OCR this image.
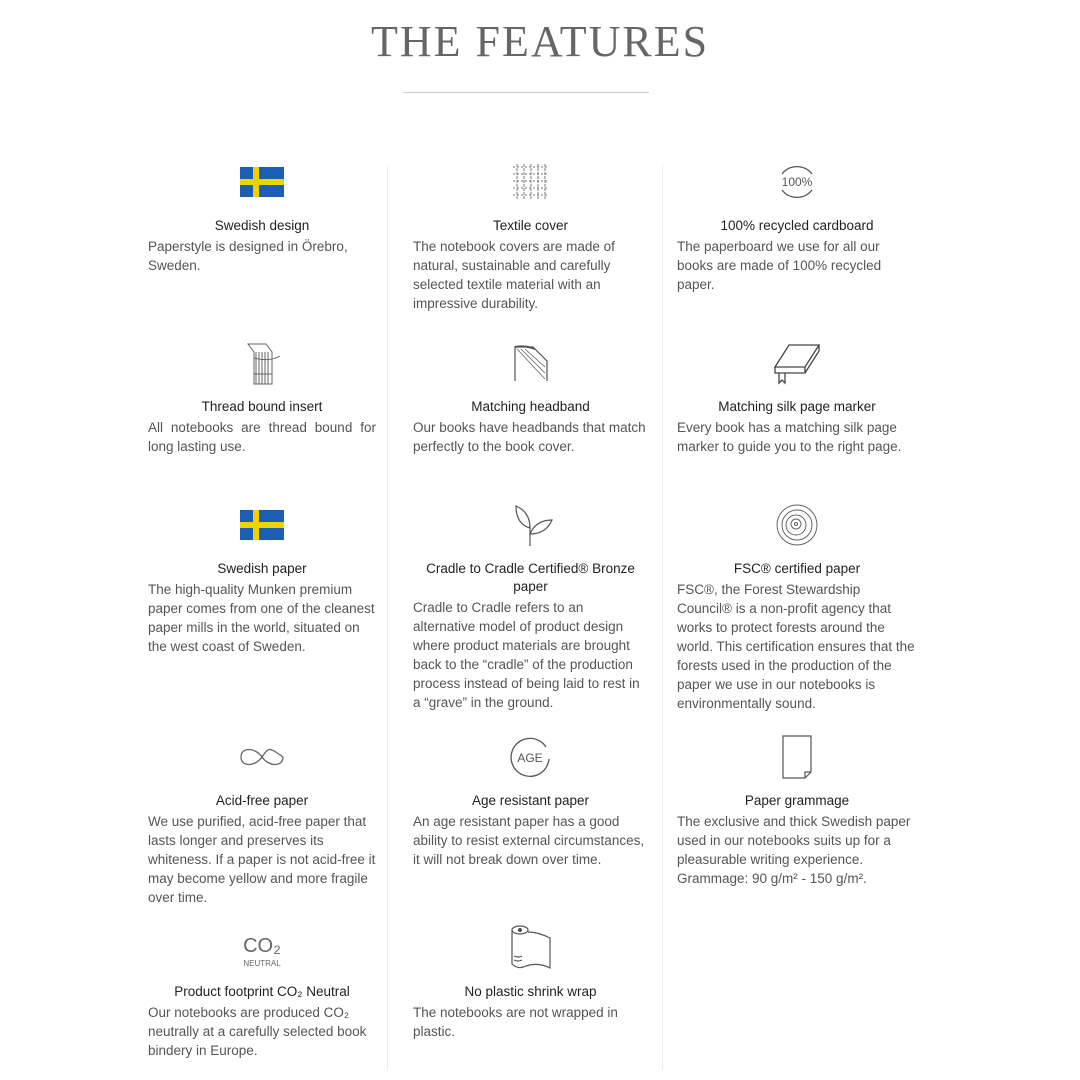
THE FEATURES

Swedish design

Paperstyle is designed in Örebro, Sweden.

Textile cover

The notebook covers are made of natural, sustainable and carefully selected textile material with an impressive durability.

100%

100% recycled cardboard

The paperboard we use for all our books are made of 100% recycled paper.

Thread bound insert

All notebooks are thread bound for long lasting use.

Matching headband

Our books have headbands that match perfectly to the book cover.

Matching silk page marker

Every book has a matching silk page marker to guide you to the right page.

Swedish paper

The high-quality Munken premium paper comes from one of the cleanest paper mills in the world, situated on the west coast of Sweden.

Cradle to Cradle Certified® Bronze paper

Cradle to Cradle refers to an alternative model of product design where product materials are brought back to the “cradle” of the production process instead of being laid to rest in a “grave” in the ground.

FSC® certified paper

FSC®, the Forest Stewardship Council® is a non-profit agency that works to protect forests around the world. This certification ensures that the forests used in the production of the paper we use in our notebooks is environmentally sound.

Acid-free paper

We use purified, acid-free paper that lasts longer and preserves its whiteness. If a paper is not acid-free it may become yellow and more fragile over time.

AGE

Age resistant paper

An age resistant paper has a good ability to resist external circumstances, it will not break down over time.

Paper grammage

The exclusive and thick Swedish paper used in our notebooks suits up for a pleasurable writing experience. Grammage: 90 g/m² - 150 g/m².

CO₂
NEUTRAL

Product footprint CO₂ Neutral

Our notebooks are produced CO₂ neutrally at a carefully selected book bindery in Europe.

No plastic shrink wrap

The notebooks are not wrapped in plastic.
